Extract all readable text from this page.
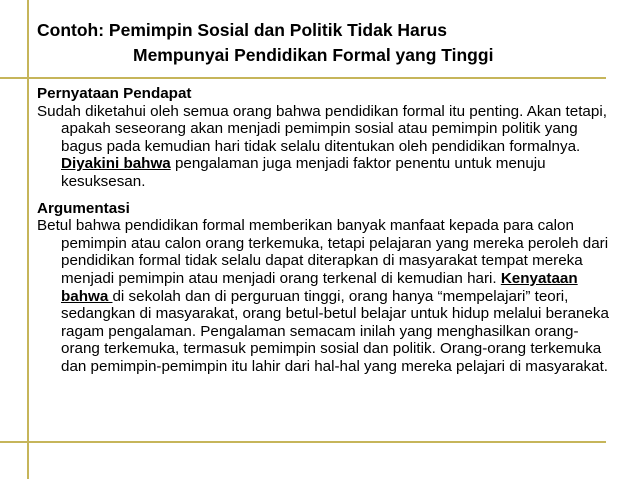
Contoh: Pemimpin Sosial dan Politik Tidak Harus
Mempunyai Pendidikan Formal yang Tinggi

Pernyataan Pendapat

Sudah diketahui oleh semua orang bahwa pendidikan formal itu penting. Akan tetapi, apakah seseorang akan menjadi pemimpin sosial atau pemimpin politik yang bagus pada kemudian hari tidak selalu ditentukan oleh pendidikan formalnya. Diyakini bahwa pengalaman juga menjadi faktor penentu untuk menuju kesuksesan.

Argumentasi

Betul bahwa pendidikan formal memberikan banyak manfaat kepada para calon pemimpin atau calon orang terkemuka, tetapi pelajaran yang mereka peroleh dari pendidikan formal tidak selalu dapat diterapkan di masyarakat tempat mereka menjadi pemimpin atau menjadi orang terkenal di kemudian hari. Kenyataan bahwa di sekolah dan di perguruan tinggi, orang hanya “mempelajari” teori, sedangkan di masyarakat, orang betul-betul belajar untuk hidup melalui beraneka ragam pengalaman. Pengalaman semacam inilah yang menghasilkan orang-orang terkemuka, termasuk pemimpin sosial dan politik. Orang-orang terkemuka dan pemimpin-pemimpin itu lahir dari hal-hal yang mereka pelajari di masyarakat.
